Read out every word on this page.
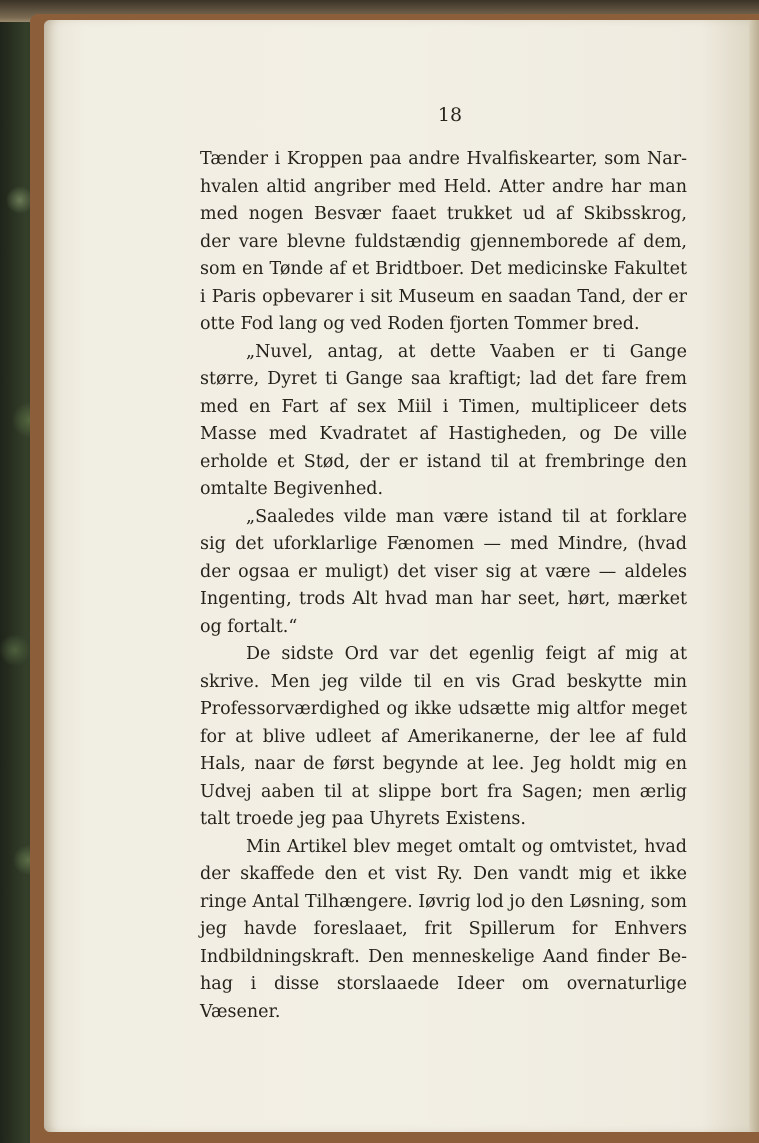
18

Tænder i Kroppen paa andre Hvalfiskearter, som Nar-hvalen altid angriber med Held. Atter andre har man med nogen Besvær faaet trukket ud af Skibsskrog, der vare blevne fuldstændig gjennemborede af dem, som en Tønde af et Bridtboer. Det medicinske Fakultet i Paris opbevarer i sit Museum en saadan Tand, der er otte Fod lang og ved Roden fjorten Tommer bred.

„Nuvel, antag, at dette Vaaben er ti Gange større, Dyret ti Gange saa kraftigt; lad det fare frem med en Fart af sex Miil i Timen, multipliceer dets Masse med Kvadratet af Hastigheden, og De ville erholde et Stød, der er istand til at frembringe den omtalte Begivenhed.

„Saaledes vilde man være istand til at forklare sig det uforklarlige Fænomen — med Mindre, (hvad der ogsaa er muligt) det viser sig at være — aldeles Ingenting, trods Alt hvad man har seet, hørt, mærket og fortalt.“

De sidste Ord var det egenlig feigt af mig at skrive. Men jeg vilde til en vis Grad beskytte min Professorværdighed og ikke udsætte mig altfor meget for at blive udleet af Amerikanerne, der lee af fuld Hals, naar de først begynde at lee. Jeg holdt mig en Udvej aaben til at slippe bort fra Sagen; men ærlig talt troede jeg paa Uhyrets Existens.

Min Artikel blev meget omtalt og omtvistet, hvad der skaffede den et vist Ry. Den vandt mig et ikke ringe Antal Tilhængere. Iøvrig lod jo den Løsning, som jeg havde foreslaaet, frit Spillerum for Enhvers Indbildningskraft. Den menneskelige Aand finder Be-hag i disse storslaaede Ideer om overnaturlige Væsener.
